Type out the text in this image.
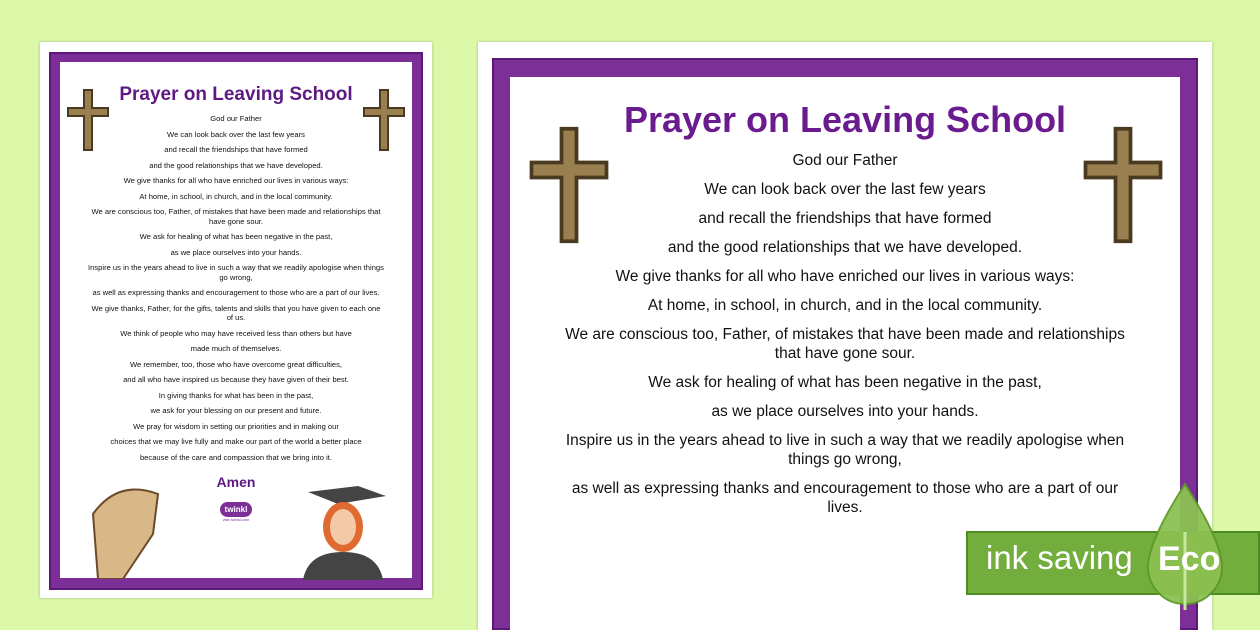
Prayer on Leaving School
God our Father
We can look back over the last few years
and recall the friendships that have formed
and the good relationships that we have developed.
We give thanks for all who have enriched our lives in various ways:
At home, in school, in church, and in the local community.
We are conscious too, Father, of mistakes that have been made and relationships that have gone sour.
We ask for healing of what has been negative in the past,
as we place ourselves into your hands.
Inspire us in the years ahead to live in such a way that we readily apologise when things go wrong,
as well as expressing thanks and encouragement to those who are a part of our lives.
We give thanks, Father, for the gifts, talents and skills that you have given to each one of us.
We think of people who may have received less than others but have
made much of themselves.
We remember, too, those who have overcome great difficulties,
and all who have inspired us because they have given of their best.
In giving thanks for what has been in the past,
we ask for your blessing on our present and future.
We pray for wisdom in setting our priorities and in making our
choices that we may live fully and make our part of the world a better place
because of the care and compassion that we bring into it.
Amen
twinkl
visit twinkl.com
Prayer on Leaving School
God our Father
We can look back over the last few years
and recall the friendships that have formed
and the good relationships that we have developed.
We give thanks for all who have enriched our lives in various ways:
At home, in school, in church, and in the local community.
We are conscious too, Father, of mistakes that have been made and relationships that have gone sour.
We ask for healing of what has been negative in the past,
as we place ourselves into your hands.
Inspire us in the years ahead to live in such a way that we readily apologise when things go wrong,
as well as expressing thanks and encouragement to those who are a part of our lives.
ink saving Eco
